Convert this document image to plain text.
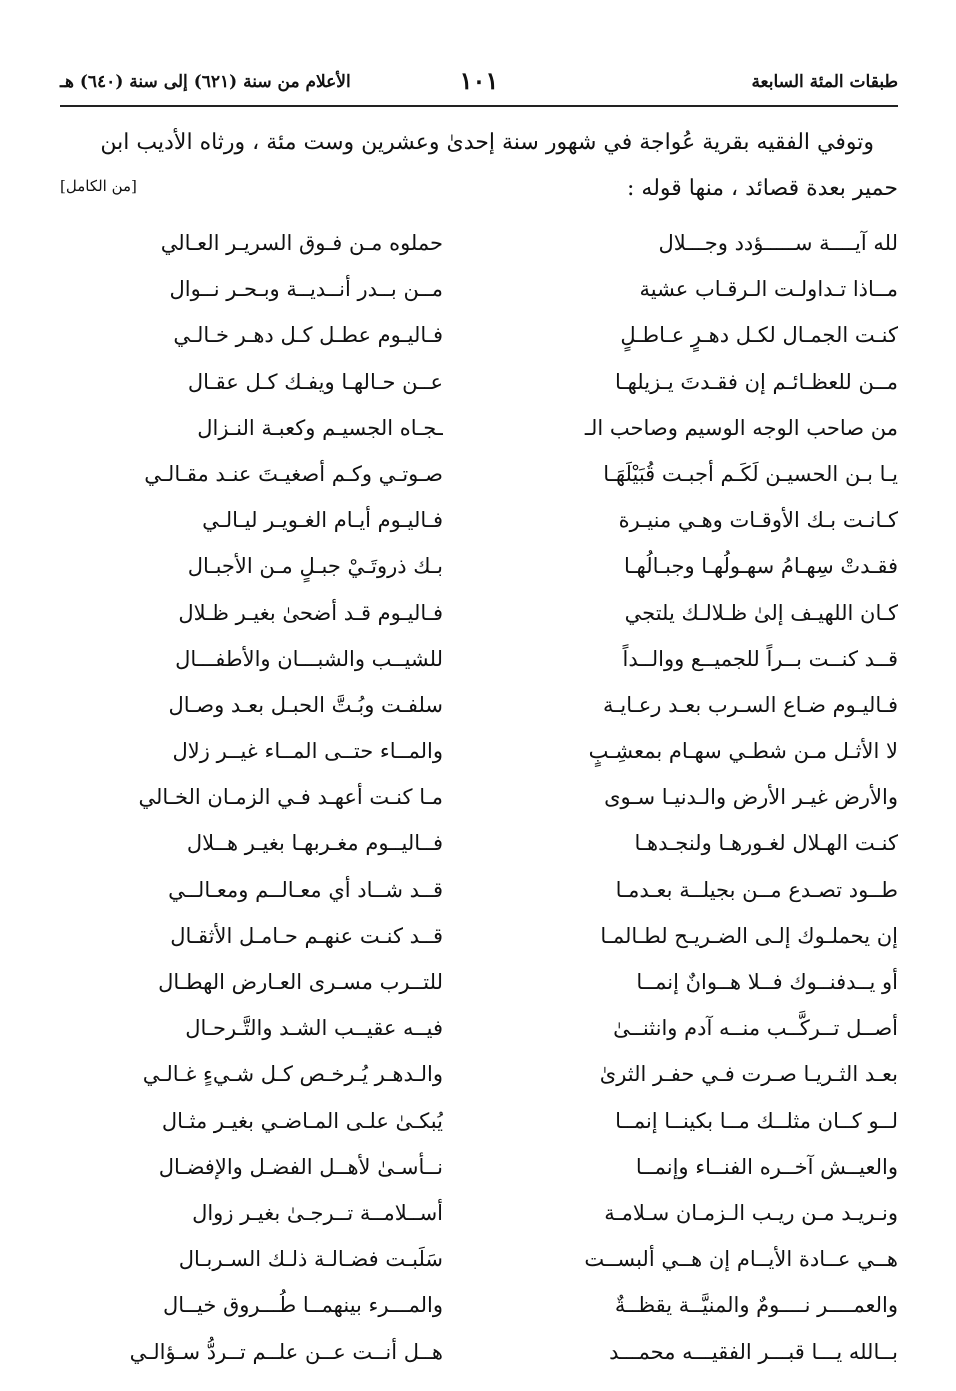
طبقات المئة السابعة
١٠١
الأعلام من سنة (٦٢١) إلى سنة (٦٤٠) هـ
وتوفي الفقيه بقرية عُواجة في شهور سنة إحدىٰ وعشرين وست مئة ، ورثاه الأديب ابن
حمير بعدة قصائد ، منها قوله :
[من الكامل]
لله آيــــة ســـــؤدد وجـــلال
حملوه مـن فـوق السريـر العـالي
مــاذا تـداولـت الـرقـاب عشية
مــن بــدر أنــديــة وبـحـر نــوال
كنـت الجمـال لكـل دهـرٍ عـاطـلٍ
فـاليـوم عطـل كـل دهـر خـالـي
مــن للعظـائـم إن فقـدتَ يـزيلهـا
عــن حـالهـا ويفـك كـل عقـال
من صاحب الوجه الوسيم وصاحب الـ
ـجـاه الجسيـم وكعبـة النـزال
يـا بـن الحسيـن لَكَـم أجبـت قُبَيْلَهَـا
صـوتـي وكـم أصغيـتَ عنـد مقـالـي
كـانـت بـك الأوقـات وهـي منيـرة
فـاليـوم أيـام الغـويـر ليـالـي
فقـدتْ سِهـامُ سهـولُهـا وجبـالُهـا
بـك ذروتَـيْ جبـلٍ مـن الأجبـال
كـان اللهيـف إلىٰ ظـلالـك يلتجي
فـاليـوم قـد أضحىٰ بغيـر ظـلال
قــد كنــت بــراً للجميــع ووالــداً
للشيــب والشبـــان والأطفـــال
فـاليـوم ضـاع السـرب بعـد رعـايـة
سلفـت وبُـتَّ الحبـل بعـد وصـال
لا الأثـل مـن شطـي سهـام بمعشِـبٍ
والمــاء حتــى المــاء غيــر زلال
والأرض غيـر الأرض والـدنيـا سـوى
مـا كنـت أعهـد فـي الزمـان الخـالي
كنـت الهـلال لغـورهـا ولنجـدهـا
فــاليــوم مغـربهـا بغيـر هــلال
طــود تصـدع مــن بجيلــة بعـدمـا
قــد شــاد أي معـالــم ومعـالــي
إن يحملـوك إلـى الضـريـح لطـالمـا
قــد كنـت عنهـم حـامـل الأثقـال
أو يــدفنــوك فــلا هــوانٌ إنمــا
للتــرب مسـرى العـارض الهطـال
أصــل تــركَّــب منــه آدم وانثنــىٰ
فيــه عقيــب الشـد والتَّـرحـال
بعـد الثـريـا صـرت فـي حفـر الثرىٰ
والـدهـر يُـرخـص كـل شـيءٍ غـالـي
لــو كــان مثلــك مــا بكينــا إنمــا
يُبكـىٰ علـى المـاضـي بغيـر مثـال
والعيــش آخــره الفنــاء وإنمــا
نــأسـىٰ لأهــل الفضـل والإفضـال
ونـريـد مـن ريـب الـزمـان سـلامـة
أســلامــة تــرجـىٰ بغيـر زوال
هــي عــادة الأيــام إن هــي ألبســت
سَلَبـت فضـالـة ذلـك السـربـال
والعمــــر نــــومٌ والمنيَّــة يقظــةٌ
والمـــرء بينهمــا طُـــروق خيــال
بــالله يـــا قبـــر الفقيـــه محمـــد
هــل أنــت عــن علــم تــردُّ سـؤالـي
